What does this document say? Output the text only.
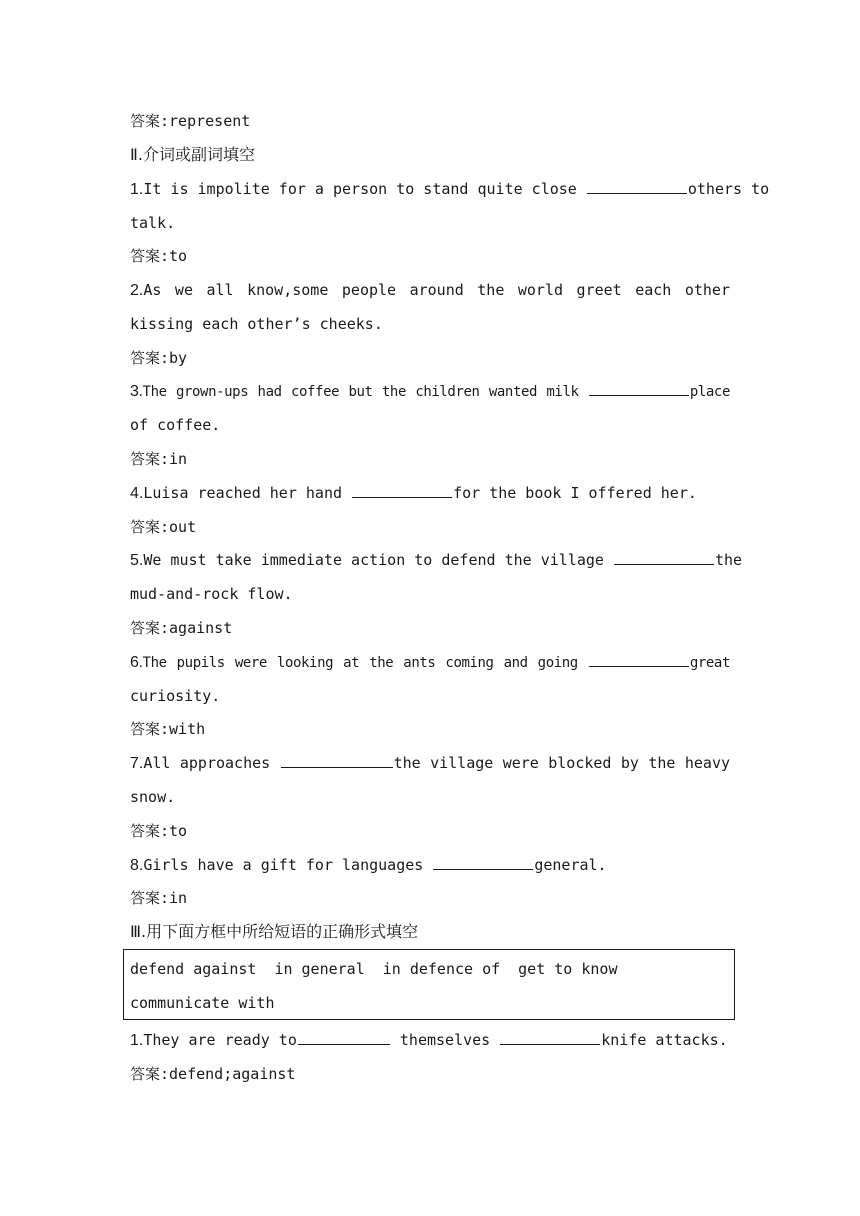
答案:represent
Ⅱ.介词或副词填空
1.It is impolite for a person to stand quite close	others to
talk.
答案:to
2.As we all know,some people around the world greet each other
kissing each other’s cheeks.
答案:by
3.The grown-ups had coffee but the children wanted milk	place
of coffee.
答案:in
4.Luisa reached her hand	for the book I offered her.
答案:out
5.We must take immediate action to defend the village	the
mud-and-rock flow.
答案:against
6.The pupils were looking at the ants coming and going	great
curiosity.
答案:with
7.All approaches	the village were blocked by the heavy
snow.
答案:to
8.Girls have a gift for languages	general.
答案:in
Ⅲ.用下面方框中所给短语的正确形式填空
defend against in general in defence of get to know
communicate with
1.They are ready to	themselves	knife attacks.
答案:defend;against
